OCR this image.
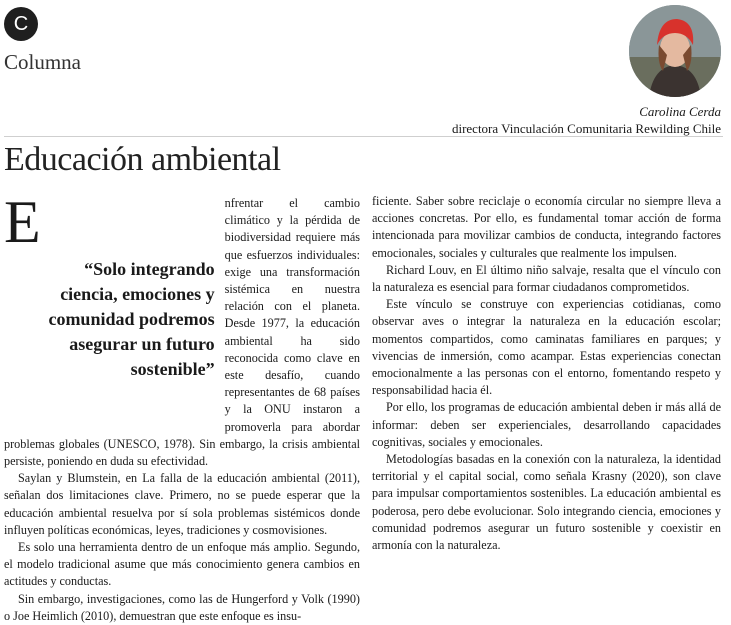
C
Columna
Carolina Cerda
directora Vinculación Comunitaria Rewilding Chile
Educación ambiental
E
“Solo integrando ciencia, emociones y comunidad podremos asegurar un futuro sostenible”

nfrentar el cambio climático y la pérdida de biodiversidad requiere más que esfuerzos individuales: exige una transformación sistémica en nuestra relación con el planeta. Desde 1977, la educación ambiental ha sido reconocida como clave en este desafío, cuando representantes de 68 países y la ONU instaron a promoverla para abordar problemas globales (UNESCO, 1978). Sin embargo, la crisis ambiental persiste, poniendo en duda su efectividad.

Saylan y Blumstein, en La falla de la educación ambiental (2011), señalan dos limitaciones clave. Primero, no se puede esperar que la educación ambiental resuelva por sí sola problemas sistémicos donde influyen políticas económicas, leyes, tradiciones y cosmovisiones.

Es solo una herramienta dentro de un enfoque más amplio. Segundo, el modelo tradicional asume que más conocimiento genera cambios en actitudes y conductas.

Sin embargo, investigaciones, como las de Hungerford y Volk (1990) o Joe Heimlich (2010), demuestran que este enfoque es insu-

ficiente. Saber sobre reciclaje o economía circular no siempre lleva a acciones concretas. Por ello, es fundamental tomar acción de forma intencionada para movilizar cambios de conducta, integrando factores emocionales, sociales y culturales que realmente los impulsen.

Richard Louv, en El último niño salvaje, resalta que el vínculo con la naturaleza es esencial para formar ciudadanos comprometidos.

Este vínculo se construye con experiencias cotidianas, como observar aves o integrar la naturaleza en la educación escolar; momentos compartidos, como caminatas familiares en parques; y vivencias de inmersión, como acampar. Estas experiencias conectan emocionalmente a las personas con el entorno, fomentando respeto y responsabilidad hacia él.

Por ello, los programas de educación ambiental deben ir más allá de informar: deben ser experienciales, desarrollando capacidades cognitivas, sociales y emocionales.

Metodologías basadas en la conexión con la naturaleza, la identidad territorial y el capital social, como señala Krasny (2020), son clave para impulsar comportamientos sostenibles. La educación ambiental es poderosa, pero debe evolucionar. Solo integrando ciencia, emociones y comunidad podremos asegurar un futuro sostenible y coexistir en armonía con la naturaleza.
